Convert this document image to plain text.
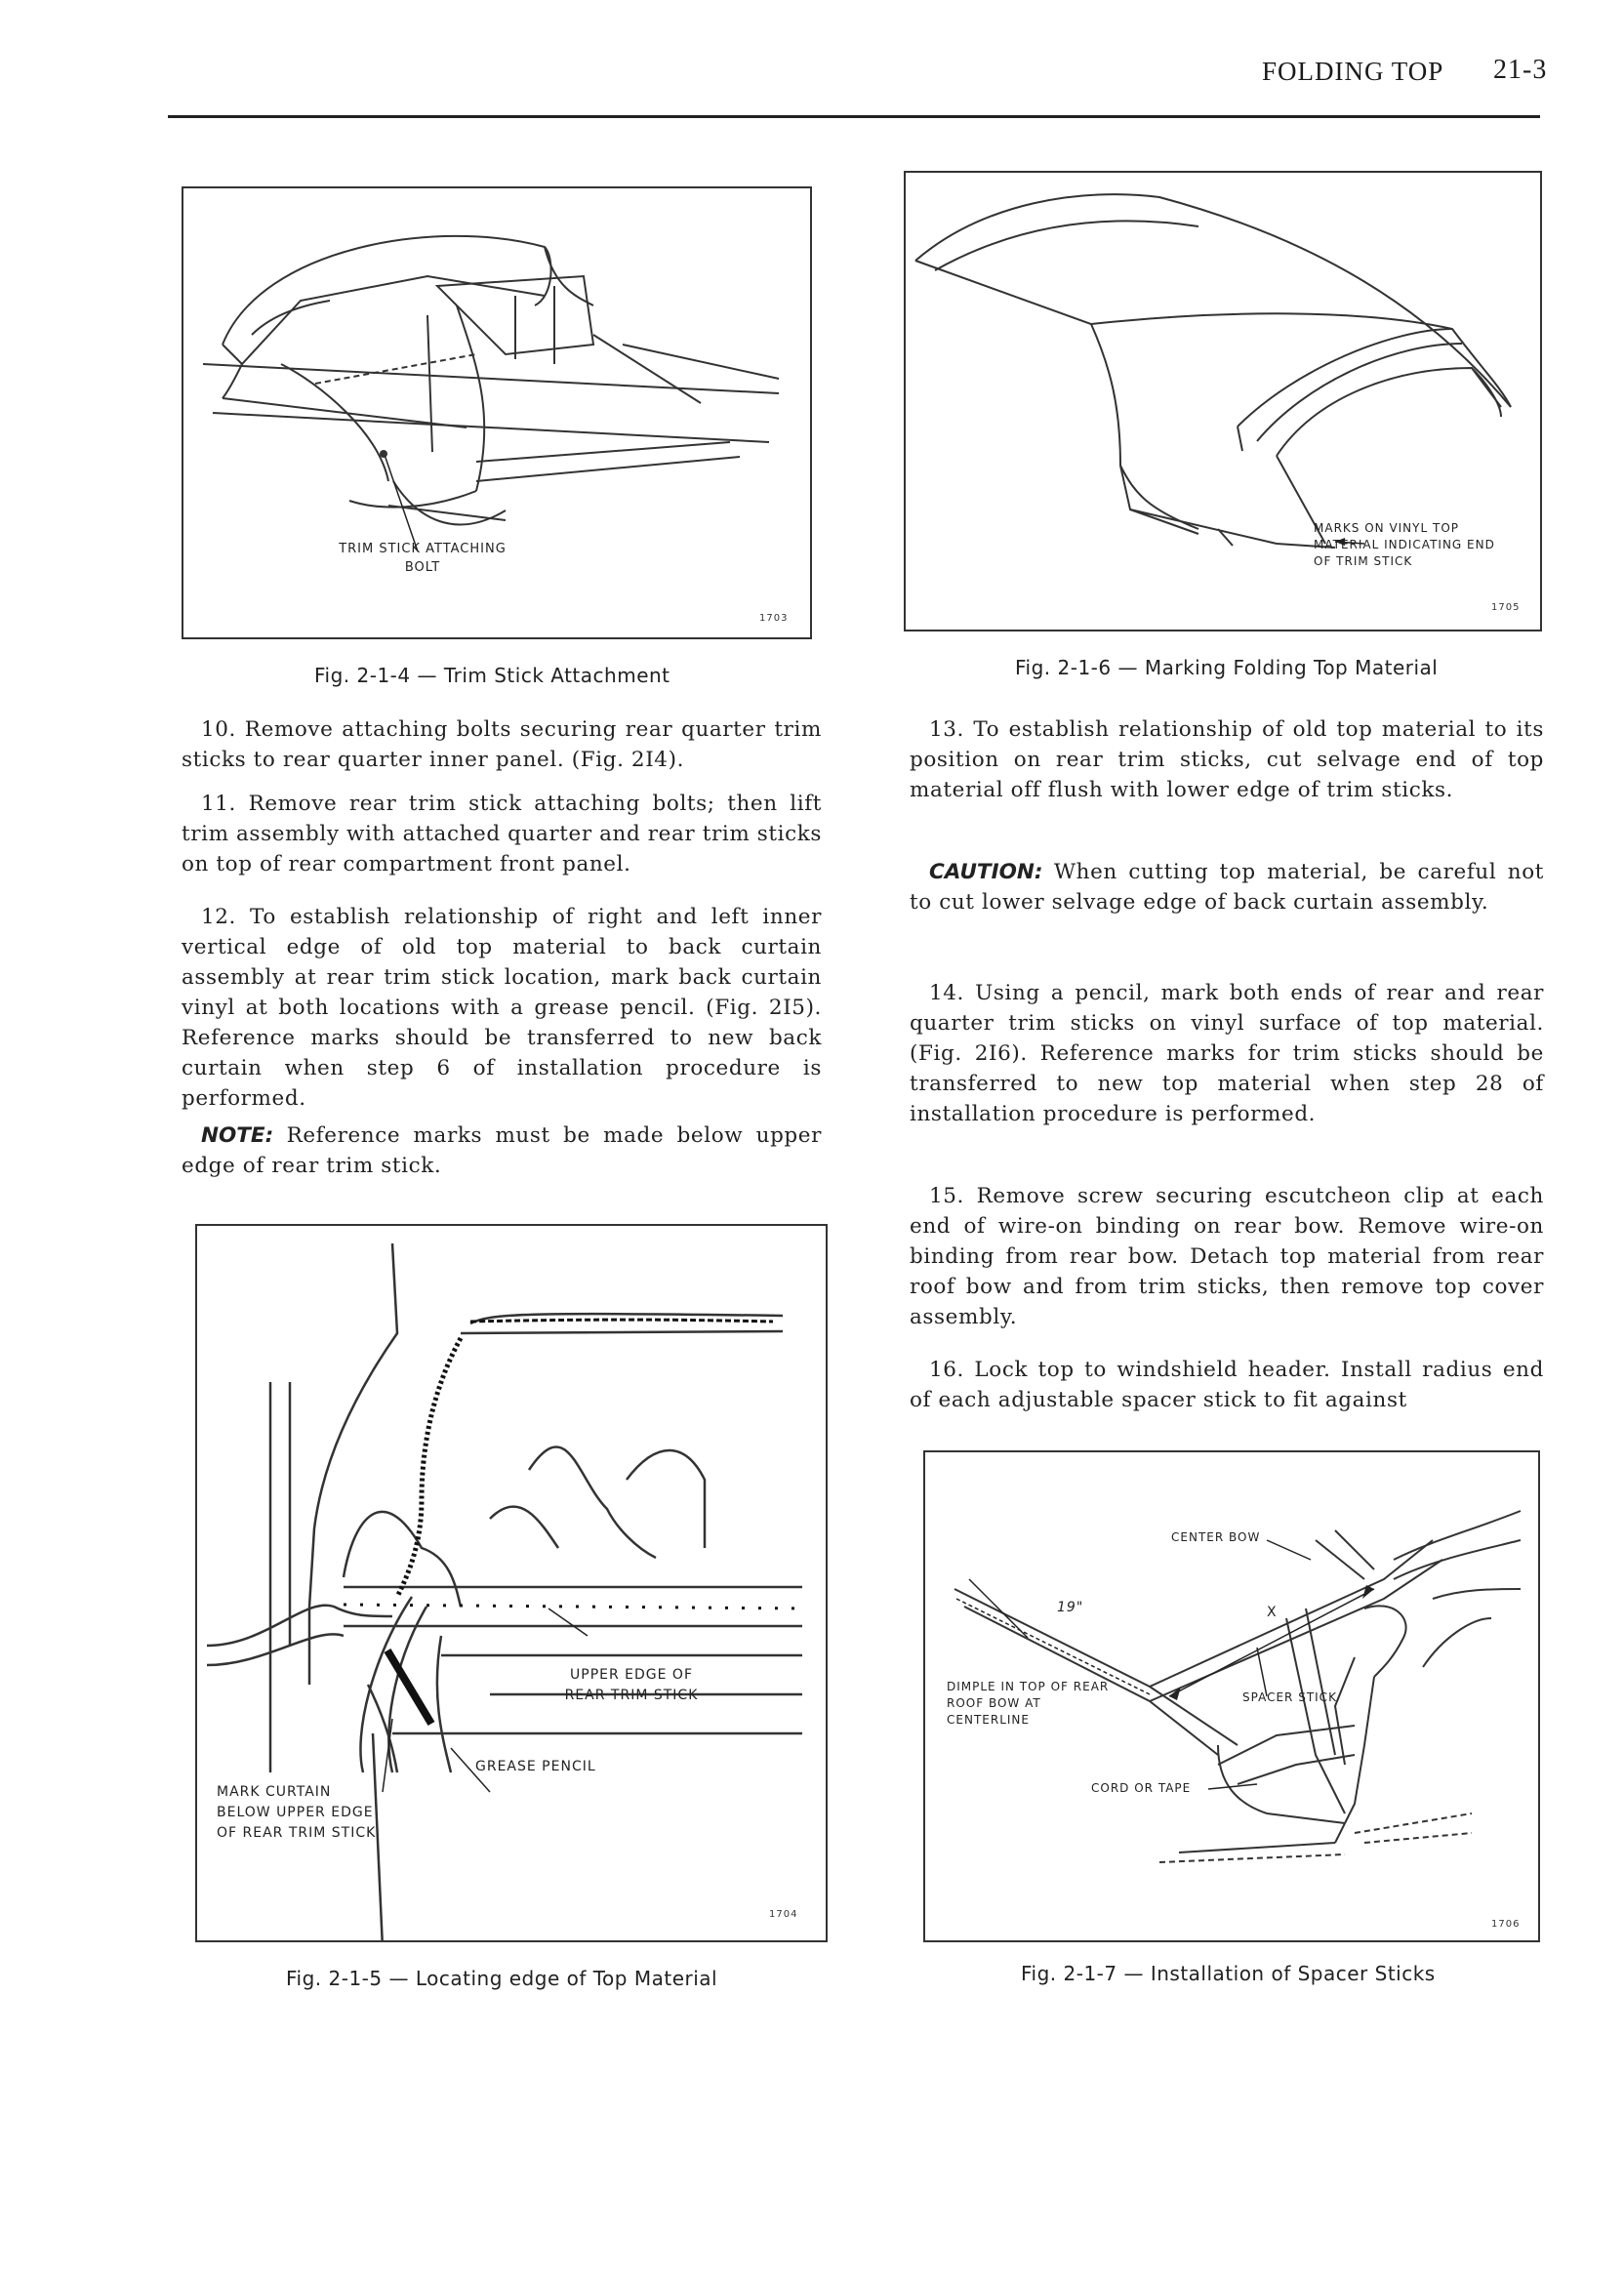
FOLDING TOP 21-3
TRIM STICK ATTACHING BOLT
1703
Fig. 2-1-4 — Trim Stick Attachment
MARKS ON VINYL TOP MATERIAL INDICATING END OF TRIM STICK
1705
Fig. 2-1-6 — Marking Folding Top Material

10. Remove attaching bolts securing rear quarter trim sticks to rear quarter inner panel. (Fig. 2I4).

11. Remove rear trim stick attaching bolts; then lift trim assembly with attached quarter and rear trim sticks on top of rear compartment front panel.

12. To establish relationship of right and left inner vertical edge of old top material to back curtain assembly at rear trim stick location, mark back curtain vinyl at both locations with a grease pencil. (Fig. 2I5). Reference marks should be transferred to new back curtain when step 6 of installation procedure is performed.

NOTE: Reference marks must be made below upper edge of rear trim stick.

UPPER EDGE OF REAR TRIM STICK
GREASE PENCIL
MARK CURTAIN BELOW UPPER EDGE OF REAR TRIM STICK
1704
Fig. 2-1-5 — Locating edge of Top Material

13. To establish relationship of old top material to its position on rear trim sticks, cut selvage end of top material off flush with lower edge of trim sticks.

CAUTION: When cutting top material, be careful not to cut lower selvage edge of back curtain assembly.

14. Using a pencil, mark both ends of rear and rear quarter trim sticks on vinyl surface of top material. (Fig. 2I6). Reference marks for trim sticks should be transferred to new top material when step 28 of installation procedure is performed.

15. Remove screw securing escutcheon clip at each end of wire-on binding on rear bow. Remove wire-on binding from rear bow. Detach top material from rear roof bow and from trim sticks, then remove top cover assembly.

16. Lock top to windshield header. Install radius end of each adjustable spacer stick to fit against

CENTER BOW
X
19"
DIMPLE IN TOP OF REAR ROOF BOW AT CENTERLINE
SPACER STICK
CORD OR TAPE
1706
Fig. 2-1-7 — Installation of Spacer Sticks
